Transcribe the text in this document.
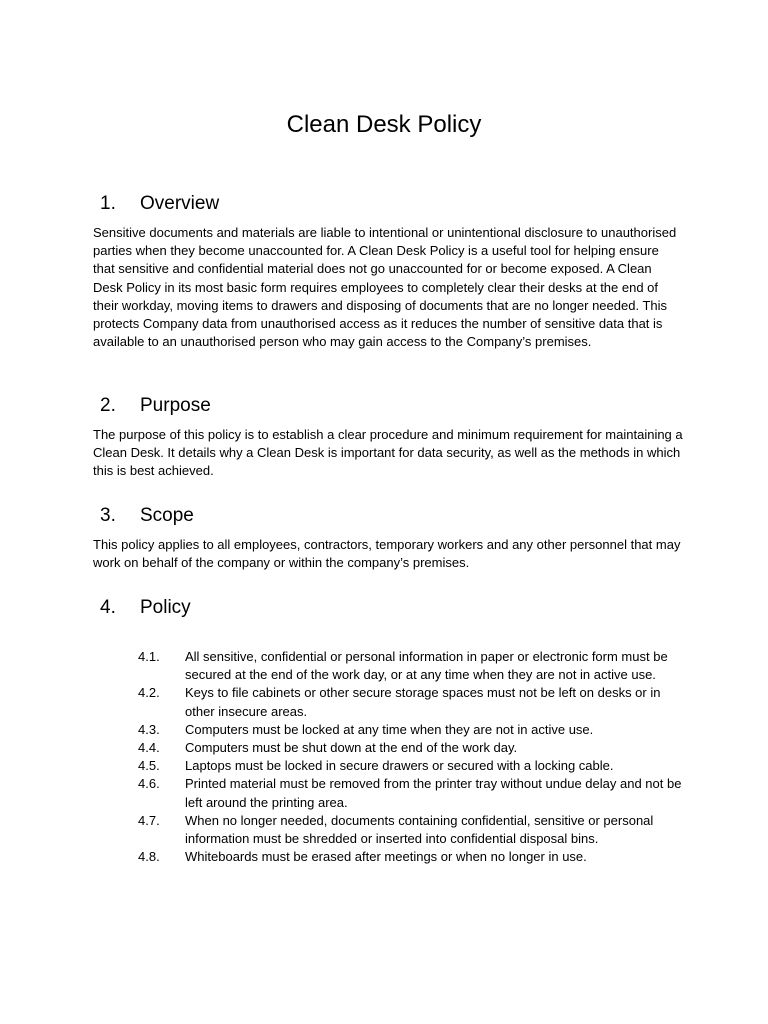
Clean Desk Policy
1. Overview

Sensitive documents and materials are liable to intentional or unintentional disclosure to unauthorised parties when they become unaccounted for. A Clean Desk Policy is a useful tool for helping ensure that sensitive and confidential material does not go unaccounted for or become exposed. A Clean Desk Policy in its most basic form requires employees to completely clear their desks at the end of their workday, moving items to drawers and disposing of documents that are no longer needed. This protects Company data from unauthorised access as it reduces the number of sensitive data that is available to an unauthorised person who may gain access to the Company’s premises.

2. Purpose

The purpose of this policy is to establish a clear procedure and minimum requirement for maintaining a Clean Desk. It details why a Clean Desk is important for data security, as well as the methods in which this is best achieved.

3. Scope

This policy applies to all employees, contractors, temporary workers and any other personnel that may work on behalf of the company or within the company’s premises.

4. Policy
4.1.	All sensitive, confidential or personal information in paper or electronic form must be secured at the end of the work day, or at any time when they are not in active use.
4.2.	Keys to file cabinets or other secure storage spaces must not be left on desks or in other insecure areas.
4.3.	Computers must be locked at any time when they are not in active use.
4.4.	Computers must be shut down at the end of the work day.
4.5.	Laptops must be locked in secure drawers or secured with a locking cable.
4.6.	Printed material must be removed from the printer tray without undue delay and not be left around the printing area.
4.7.	When no longer needed, documents containing confidential, sensitive or personal information must be shredded or inserted into confidential disposal bins.
4.8.	Whiteboards must be erased after meetings or when no longer in use.
